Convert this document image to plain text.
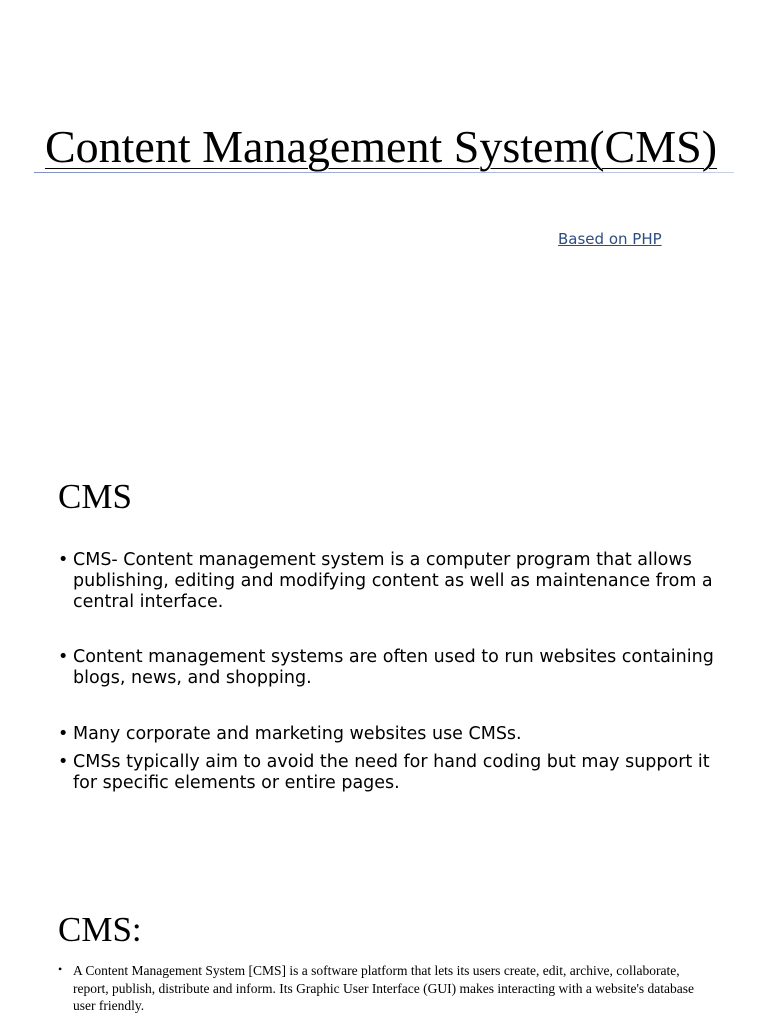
Content Management System(CMS)
Based on PHP
CMS
• CMS- Content management system is a computer program that allows publishing, editing and modifying content as well as maintenance from a central interface.
• Content management systems are often used to run websites containing blogs, news, and shopping.
• Many corporate and marketing websites use CMSs.
• CMSs typically aim to avoid the need for hand coding but may support it for specific elements or entire pages.
CMS:
• A Content Management System [CMS] is a software platform that lets its users create, edit, archive, collaborate, report, publish, distribute and inform. Its Graphic User Interface (GUI) makes interacting with a website's database user friendly.
